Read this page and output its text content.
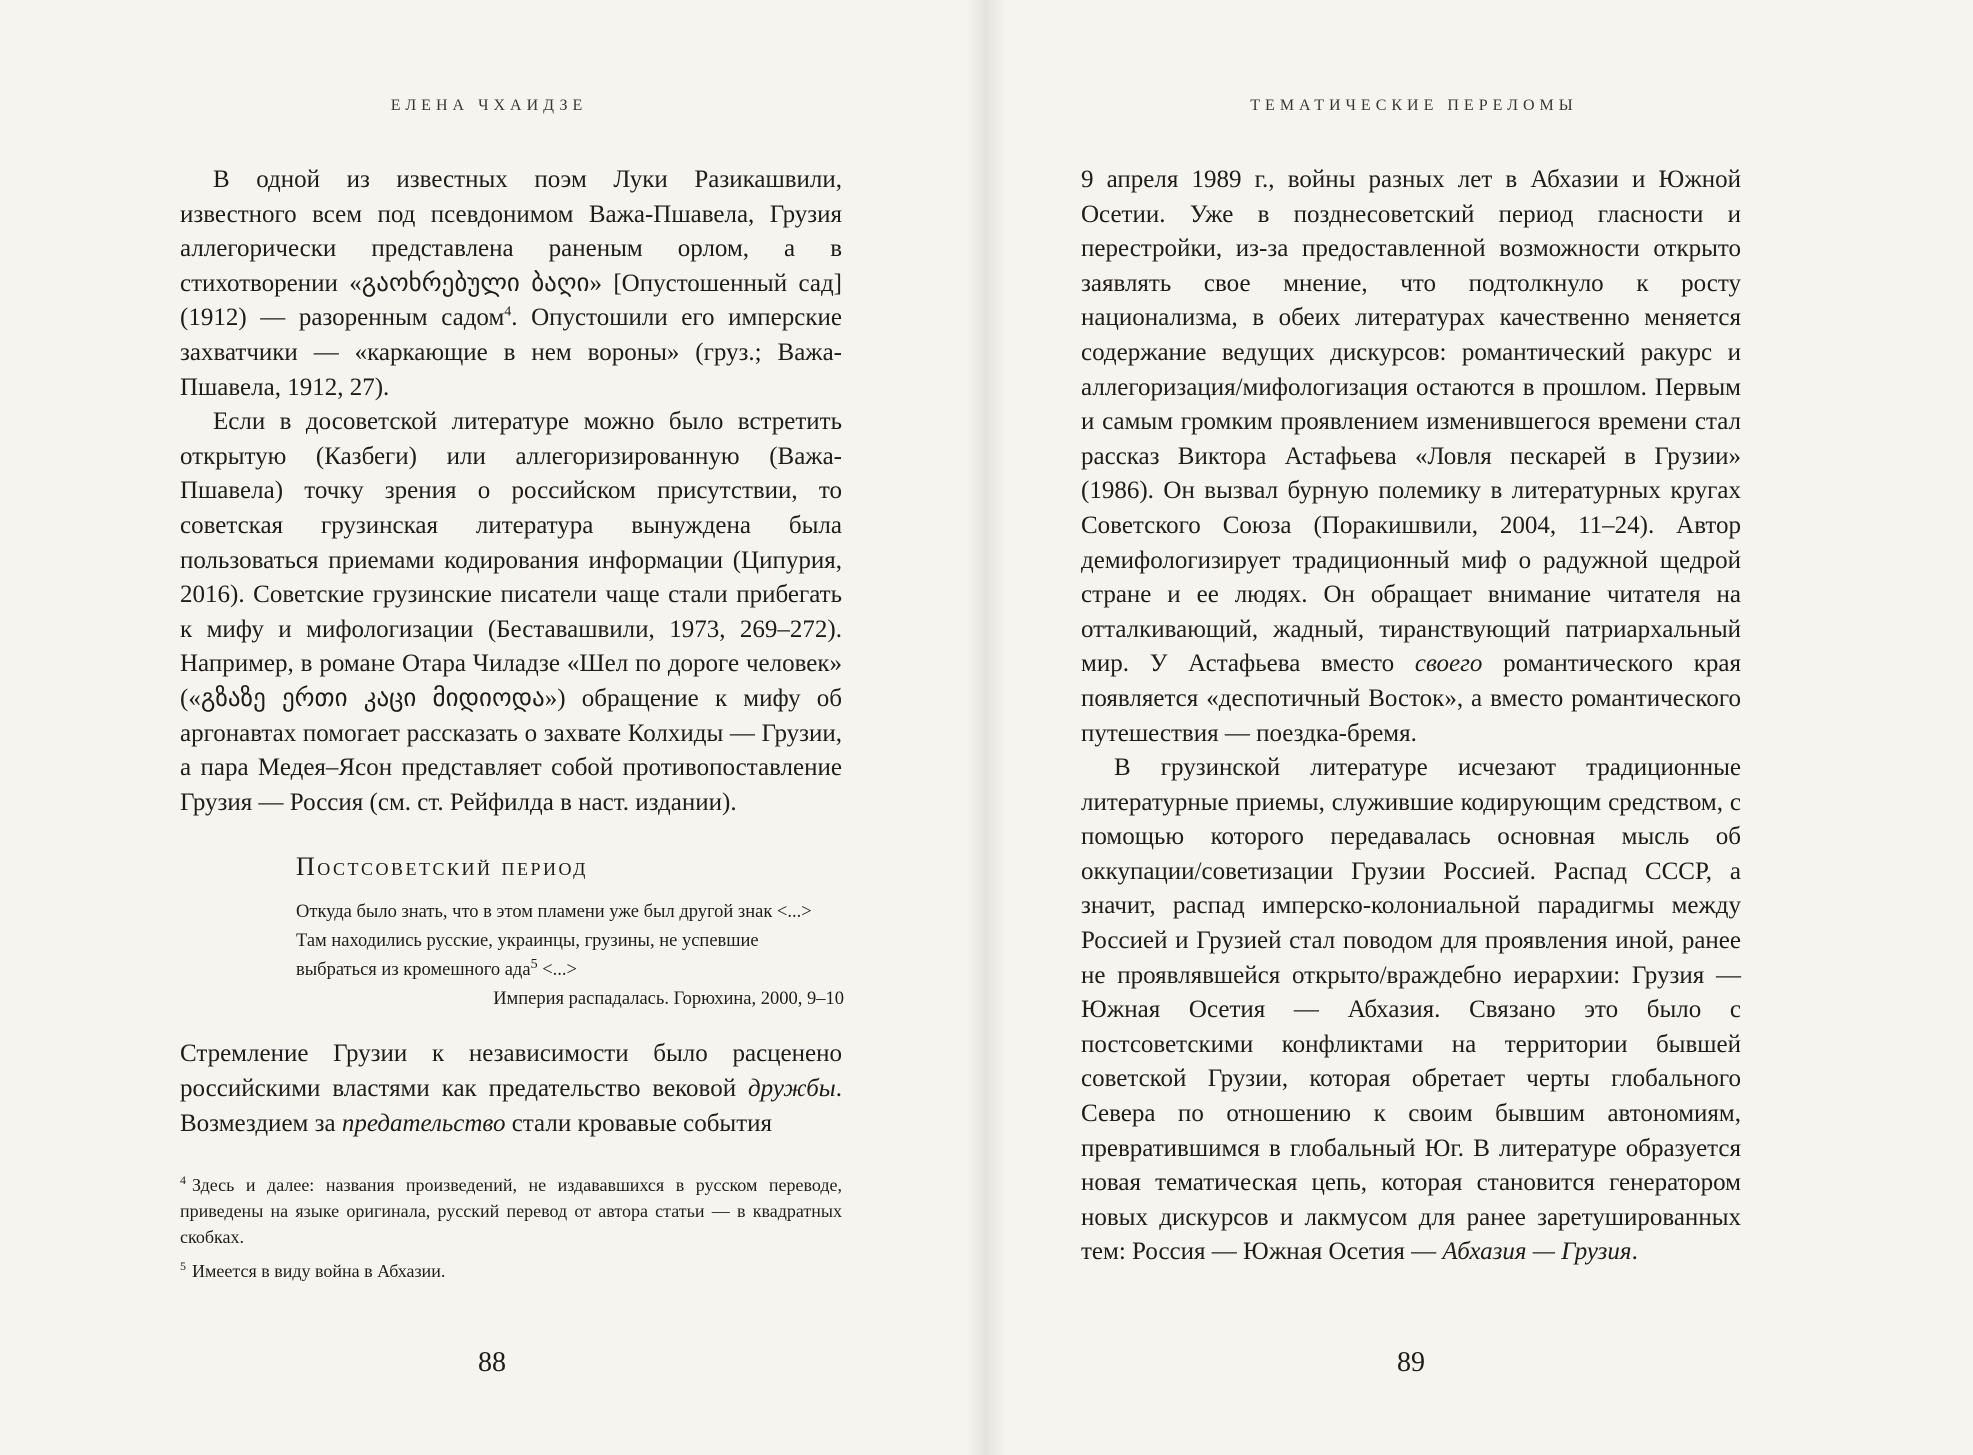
ЕЛЕНА ЧХАИДЗЕ

В одной из известных поэм Луки Разикашвили, известного всем под псевдонимом Важа-Пшавела, Грузия аллегорически представлена раненым орлом, а в стихотворении «გაოხრებული ბაღი» [Опустошенный сад] (1912) — разоренным садом$^4$. Опустошили его имперские захватчики — «каркающие в нем вороны» (груз.; Важа-Пшавела, 1912, 27).

Если в досоветской литературе можно было встретить открытую (Казбеги) или аллегоризированную (Важа-Пшавела) точку зрения о российском присутствии, то советская грузинская литература вынуждена была пользоваться приемами кодирования информации (Ципурия, 2016). Советские грузинские писатели чаще стали прибегать к мифу и мифологизации (Беставашвили, 1973, 269–272). Например, в романе Отара Чиладзе «Шел по дороге человек» («გზაზე ერთი კაცი მიდიოდა») обращение к мифу об аргонавтах помогает рассказать о захвате Колхиды — Грузии, а пара Медея–Ясон представляет собой противопоставление Грузия — Россия (см. ст. Рейфилда в наст. издании).

Постсоветский период
Откуда было знать, что в этом пламени уже был другой знак <...> Там находились русские, украинцы, грузины, не успевшие выбраться из кромешного ада$^5$ <...>
Империя распадалась. Горюхина, 2000, 9–10
Стремление Грузии к независимости было расценено российскими властями как предательство вековой дружбы. Возмездием за предательство стали кровавые события

$^4$ Здесь и далее: названия произведений, не издававшихся в русском переводе, приведены на языке оригинала, русский перевод от автора статьи — в квадратных скобках.

$^5$ Имеется в виду война в Абхазии.

88
ТЕМАТИЧЕСКИЕ ПЕРЕЛОМЫ

9 апреля 1989 г., войны разных лет в Абхазии и Южной Осетии. Уже в позднесоветский период гласности и перестройки, из-за предоставленной возможности открыто заявлять свое мнение, что подтолкнуло к росту национализма, в обеих литературах качественно меняется содержание ведущих дискурсов: романтический ракурс и аллегоризация/мифологизация остаются в прошлом. Первым и самым громким проявлением изменившегося времени стал рассказ Виктора Астафьева «Ловля пескарей в Грузии» (1986). Он вызвал бурную полемику в литературных кругах Советского Союза (Поракишвили, 2004, 11–24). Автор демифологизирует традиционный миф о радужной щедрой стране и ее людях. Он обращает внимание читателя на отталкивающий, жадный, тиранствующий патриархальный мир. У Астафьева вместо своего романтического края появляется «деспотичный Восток», а вместо романтического путешествия — поездка-бремя.

В грузинской литературе исчезают традиционные литературные приемы, служившие кодирующим средством, с помощью которого передавалась основная мысль об оккупации/советизации Грузии Россией. Распад СССР, а значит, распад имперско-колониальной парадигмы между Россией и Грузией стал поводом для проявления иной, ранее не проявлявшейся открыто/враждебно иерархии: Грузия — Южная Осетия — Абхазия. Связано это было с постсоветскими конфликтами на территории бывшей советской Грузии, которая обретает черты глобального Севера по отношению к своим бывшим автономиям, превратившимся в глобальный Юг. В литературе образуется новая тематическая цепь, которая становится генератором новых дискурсов и лакмусом для ранее заретушированных тем: Россия — Южная Осетия — Абхазия — Грузия.

89
